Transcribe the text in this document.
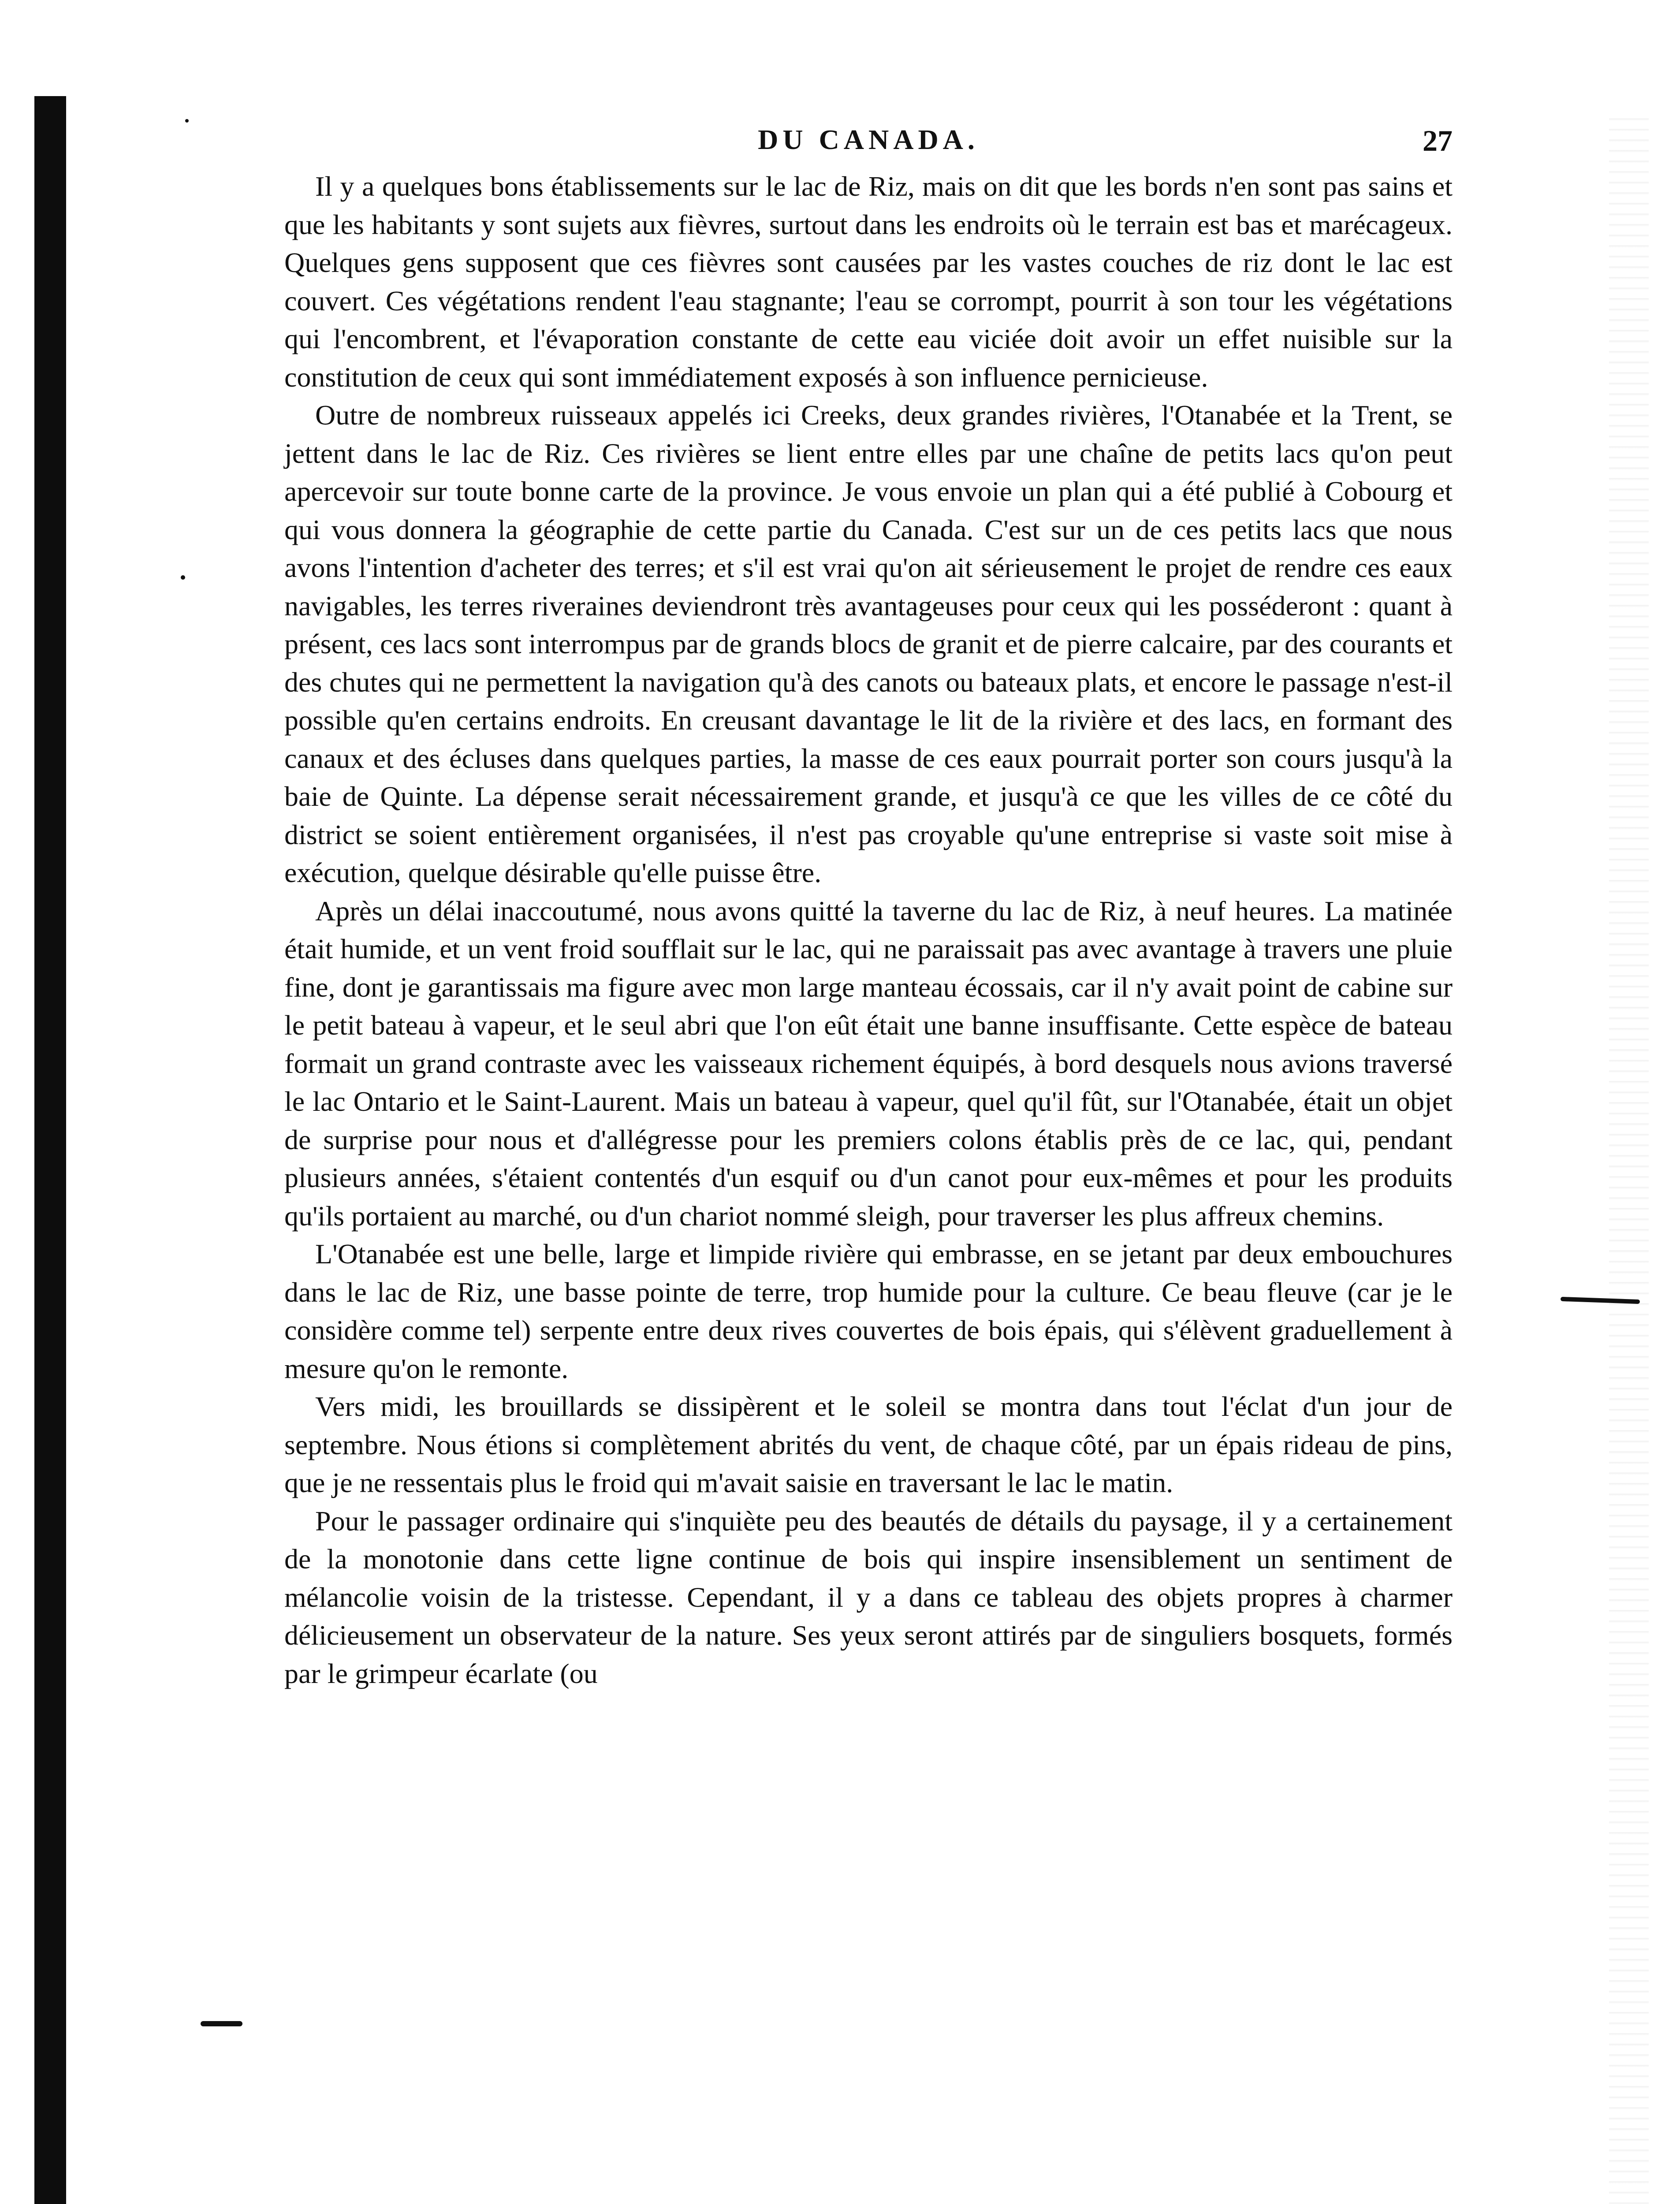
DU CANADA.	27

Il y a quelques bons établissements sur le lac de Riz, mais on dit que les bords n'en sont pas sains et que les habitants y sont sujets aux fièvres, surtout dans les endroits où le terrain est bas et marécageux. Quelques gens supposent que ces fièvres sont causées par les vastes couches de riz dont le lac est couvert. Ces végétations rendent l'eau stagnante; l'eau se corrompt, pourrit à son tour les végétations qui l'encombrent, et l'évaporation constante de cette eau viciée doit avoir un effet nuisible sur la constitution de ceux qui sont immédiatement exposés à son influence pernicieuse.

Outre de nombreux ruisseaux appelés ici Creeks, deux grandes rivières, l'Otanabée et la Trent, se jettent dans le lac de Riz. Ces rivières se lient entre elles par une chaîne de petits lacs qu'on peut apercevoir sur toute bonne carte de la province. Je vous envoie un plan qui a été publié à Cobourg et qui vous donnera la géographie de cette partie du Canada. C'est sur un de ces petits lacs que nous avons l'intention d'acheter des terres; et s'il est vrai qu'on ait sérieusement le projet de rendre ces eaux navigables, les terres riveraines deviendront très avantageuses pour ceux qui les posséderont : quant à présent, ces lacs sont interrompus par de grands blocs de granit et de pierre calcaire, par des courants et des chutes qui ne permettent la navigation qu'à des canots ou bateaux plats, et encore le passage n'est-il possible qu'en certains endroits. En creusant davantage le lit de la rivière et des lacs, en formant des canaux et des écluses dans quelques parties, la masse de ces eaux pourrait porter son cours jusqu'à la baie de Quinte. La dépense serait nécessairement grande, et jusqu'à ce que les villes de ce côté du district se soient entièrement organisées, il n'est pas croyable qu'une entreprise si vaste soit mise à exécution, quelque désirable qu'elle puisse être.

Après un délai inaccoutumé, nous avons quitté la taverne du lac de Riz, à neuf heures. La matinée était humide, et un vent froid soufflait sur le lac, qui ne paraissait pas avec avantage à travers une pluie fine, dont je garantissais ma figure avec mon large manteau écossais, car il n'y avait point de cabine sur le petit bateau à vapeur, et le seul abri que l'on eût était une banne insuffisante. Cette espèce de bateau formait un grand contraste avec les vaisseaux richement équipés, à bord desquels nous avions traversé le lac Ontario et le Saint-Laurent. Mais un bateau à vapeur, quel qu'il fût, sur l'Otanabée, était un objet de surprise pour nous et d'allégresse pour les premiers colons établis près de ce lac, qui, pendant plusieurs années, s'étaient contentés d'un esquif ou d'un canot pour eux-mêmes et pour les produits qu'ils portaient au marché, ou d'un chariot nommé sleigh, pour traverser les plus affreux chemins.

L'Otanabée est une belle, large et limpide rivière qui embrasse, en se jetant par deux embouchures dans le lac de Riz, une basse pointe de terre, trop humide pour la culture. Ce beau fleuve (car je le considère comme tel) serpente entre deux rives couvertes de bois épais, qui s'élèvent graduellement à mesure qu'on le remonte.

Vers midi, les brouillards se dissipèrent et le soleil se montra dans tout l'éclat d'un jour de septembre. Nous étions si complètement abrités du vent, de chaque côté, par un épais rideau de pins, que je ne ressentais plus le froid qui m'avait saisie en traversant le lac le matin.

Pour le passager ordinaire qui s'inquiète peu des beautés de détails du paysage, il y a certainement de la monotonie dans cette ligne continue de bois qui inspire insensiblement un sentiment de mélancolie voisin de la tristesse. Cependant, il y a dans ce tableau des objets propres à charmer délicieusement un observateur de la nature. Ses yeux seront attirés par de singuliers bosquets, formés par le grimpeur écarlate (ou
